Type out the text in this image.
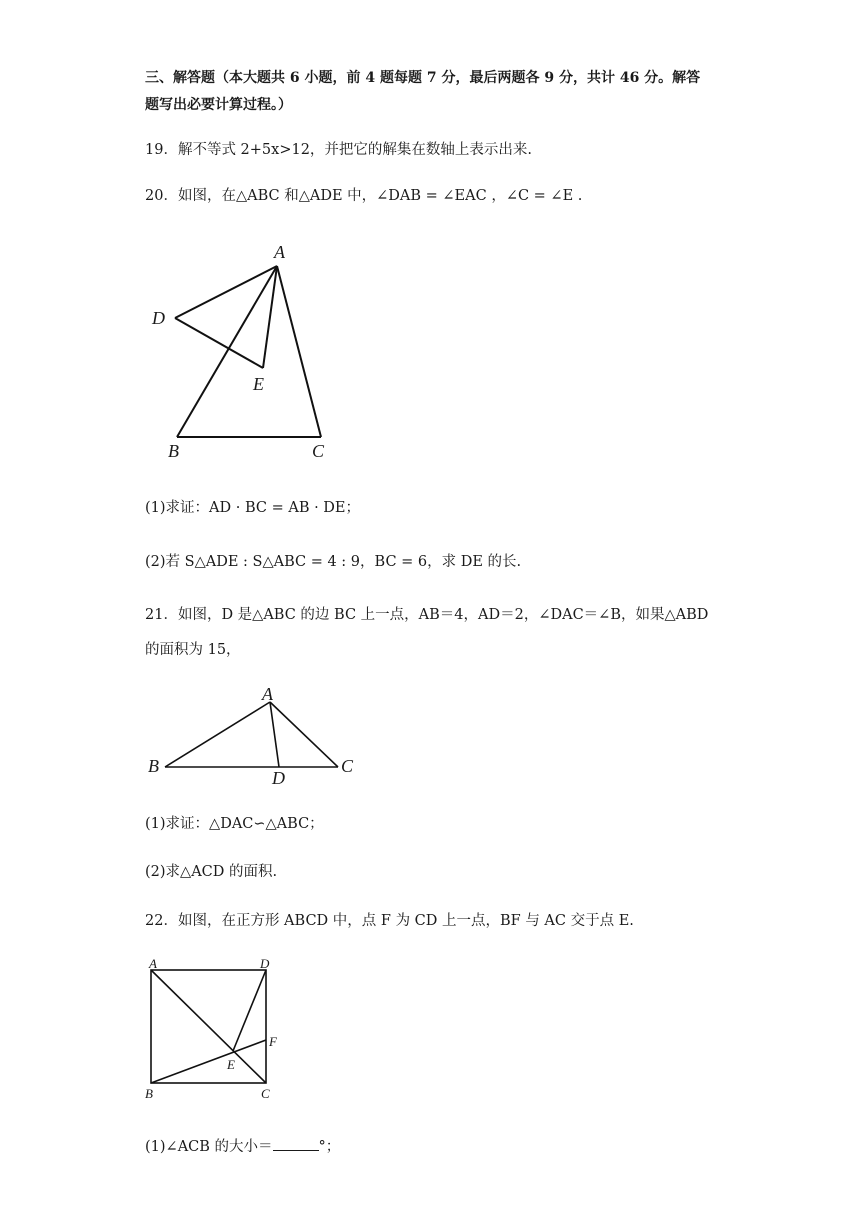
三、解答题（本大题共 6 小题，前 4 题每题 7 分，最后两题各 9 分，共计 46 分。解答
题写出必要计算过程。）
19．解不等式 2+5x>12，并把它的解集在数轴上表示出来.
20．如图，在△ABC 和△ADE 中，∠DAB = ∠EAC ，∠C = ∠E .
A
D
E
B	C
(1)求证：AD · BC = AB · DE；
(2)若 S△ADE : S△ABC = 4 : 9，BC = 6，求 DE 的长.
21．如图，D 是△ABC 的边 BC 上一点，AB＝4，AD＝2，∠DAC＝∠B，如果△ABD
的面积为 15，
A
B
D
C
(1)求证：△DAC∽△ABC；
(2)求△ACD 的面积.
22．如图，在正方形 ABCD 中，点 F 为 CD 上一点，BF 与 AC 交于点 E.
A	D
F
E
B	C
(1)∠ACB 的大小＝	°；
